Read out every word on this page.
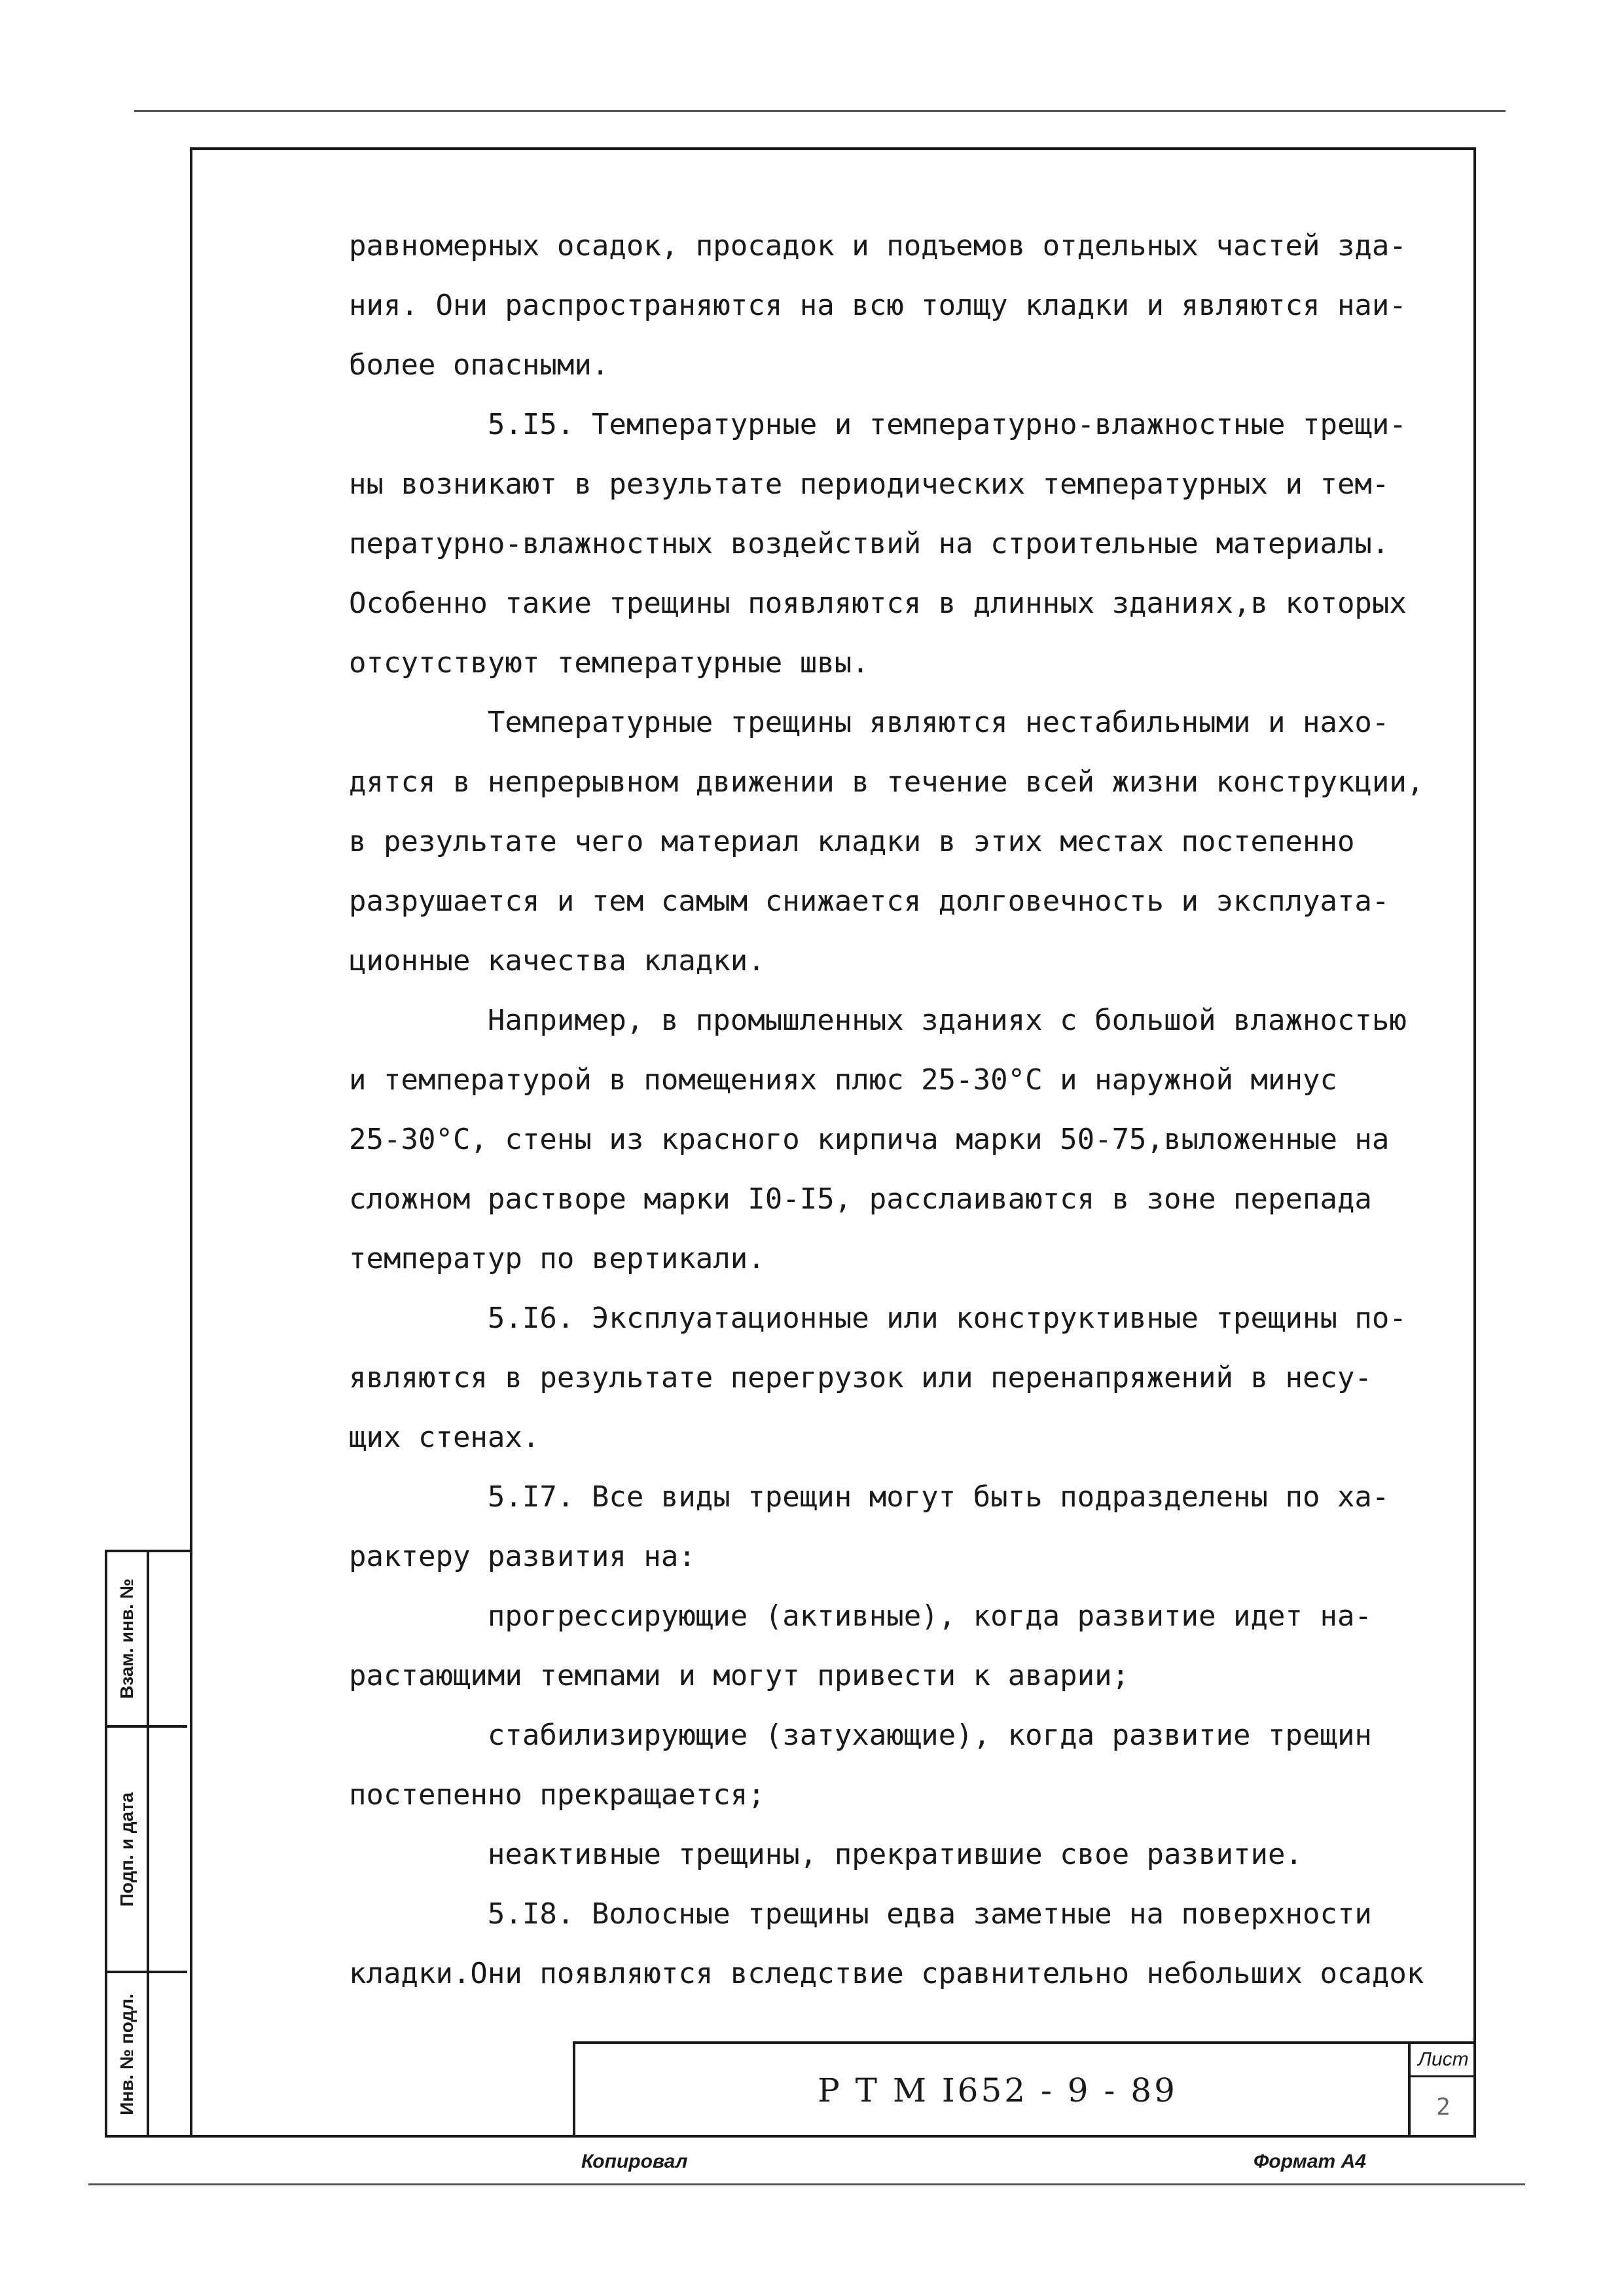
равномерных осадок, просадок и подъемов отдельных частей зда-
ния. Они распространяются на всю толщу кладки и являются наи-
более опасными.
5.I5. Температурные и температурно-влажностные трещи-
ны возникают в результате периодических температурных и тем-
пературно-влажностных воздействий на строительные материалы.
Особенно такие трещины появляются в длинных зданиях,в которых
отсутствуют температурные швы.
Температурные трещины являются нестабильными и нахо-
дятся в непрерывном движении в течение всей жизни конструкции,
в результате чего материал кладки в этих местах постепенно
разрушается и тем самым снижается долговечность и эксплуата-
ционные качества кладки.
Например, в промышленных зданиях с большой влажностью
и температурой в помещениях плюс 25-30°С и наружной минус
25-30°С, стены из красного кирпича марки 50-75,выложенные на
сложном растворе марки I0-I5, расслаиваются в зоне перепада
температур по вертикали.
5.I6. Эксплуатационные или конструктивные трещины по-
являются в результате перегрузок или перенапряжений в несу-
щих стенах.
5.I7. Все виды трещин могут быть подразделены по ха-
рактеру развития на:
прогрессирующие (активные), когда развитие идет на-
растающими темпами и могут привести к аварии;
стабилизирующие (затухающие), когда развитие трещин
постепенно прекращается;
неактивные трещины, прекратившие свое развитие.
5.I8. Волосные трещины едва заметные на поверхности
кладки.Они появляются вследствие сравнительно небольших осадок
Взам. инв. №
Подп. и дата
Инв. № подл.	Р Т М I652 - 9 - 89
Лист
2
Копировал	Формат А4
